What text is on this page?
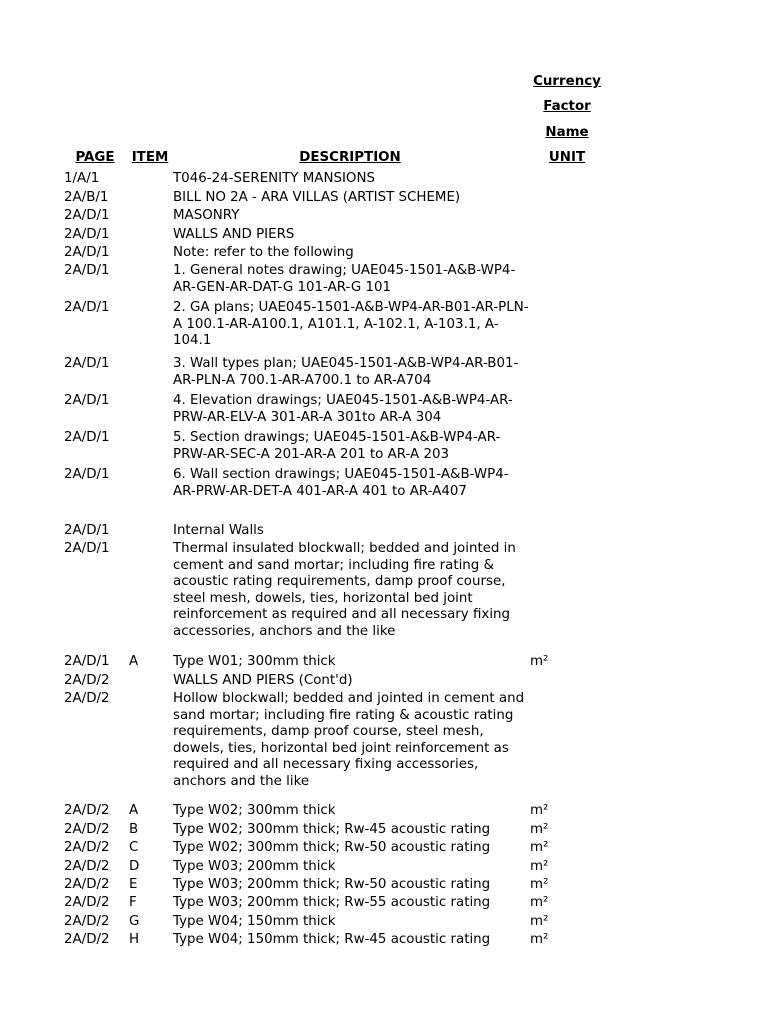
Currency
Factor
Name
PAGE	ITEM	DESCRIPTION	UNIT
1/A/1	T046-24-SERENITY MANSIONS
2A/B/1	BILL NO 2A - ARA VILLAS (ARTIST SCHEME)
2A/D/1	MASONRY
2A/D/1	WALLS AND PIERS
2A/D/1	Note: refer to the following
2A/D/1	1. General notes drawing; UAE045-1501-A&B-WP4-AR-GEN-AR-DAT-G 101-AR-G 101
2A/D/1	2. GA plans; UAE045-1501-A&B-WP4-AR-B01-AR-PLN-A 100.1-AR-A100.1, A101.1, A-102.1, A-103.1, A-104.1
2A/D/1	3. Wall types plan; UAE045-1501-A&B-WP4-AR-B01-AR-PLN-A 700.1-AR-A700.1 to AR-A704
2A/D/1	4. Elevation drawings; UAE045-1501-A&B-WP4-AR-PRW-AR-ELV-A 301-AR-A 301to AR-A 304
2A/D/1	5. Section drawings; UAE045-1501-A&B-WP4-AR-PRW-AR-SEC-A 201-AR-A 201 to AR-A 203
2A/D/1	6. Wall section drawings; UAE045-1501-A&B-WP4-AR-PRW-AR-DET-A 401-AR-A 401 to AR-A407
2A/D/1	Internal Walls
2A/D/1	Thermal insulated blockwall; bedded and jointed in cement and sand mortar; including fire rating & acoustic rating requirements, damp proof course, steel mesh, dowels, ties, horizontal bed joint reinforcement as required and all necessary fixing accessories, anchors and the like
2A/D/1 A	Type W01; 300mm thick	m²
2A/D/2	WALLS AND PIERS (Cont'd)
2A/D/2	Hollow blockwall; bedded and jointed in cement and sand mortar; including fire rating & acoustic rating requirements, damp proof course, steel mesh, dowels, ties, horizontal bed joint reinforcement as required and all necessary fixing accessories, anchors and the like
2A/D/2 A	Type W02; 300mm thick	m²
2A/D/2 B	Type W02; 300mm thick; Rw-45 acoustic rating	m²
2A/D/2 C	Type W02; 300mm thick; Rw-50 acoustic rating	m²
2A/D/2 D	Type W03; 200mm thick	m²
2A/D/2 E	Type W03; 200mm thick; Rw-50 acoustic rating	m²
2A/D/2 F	Type W03; 200mm thick; Rw-55 acoustic rating	m²
2A/D/2 G	Type W04; 150mm thick	m²
2A/D/2 H	Type W04; 150mm thick; Rw-45 acoustic rating	m²
